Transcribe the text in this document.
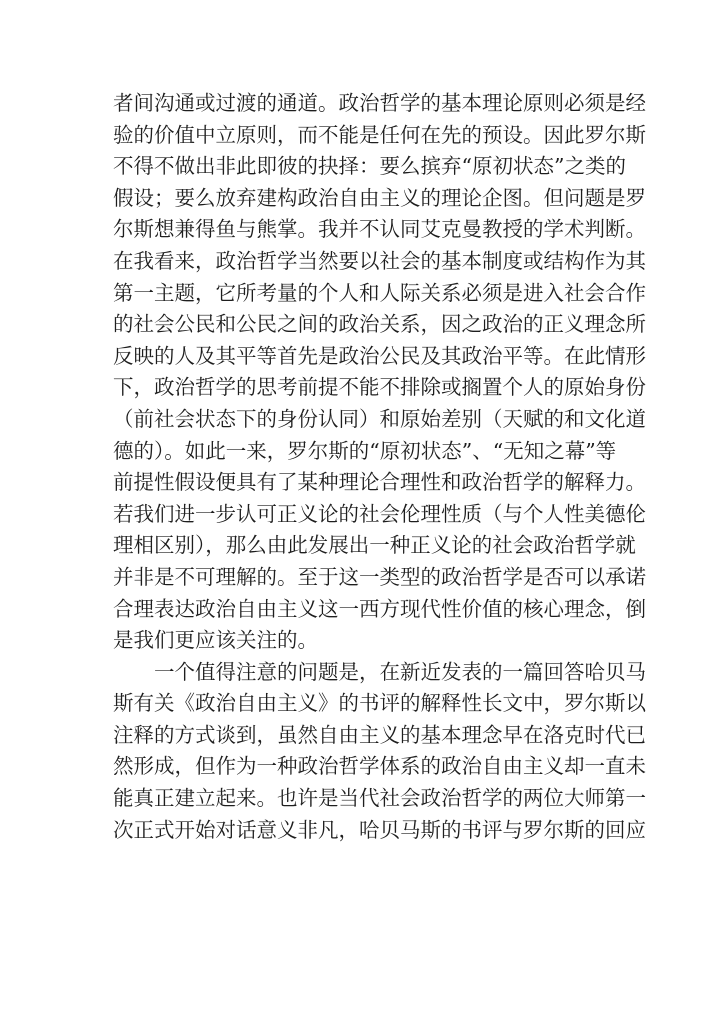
者间沟通或过渡的通道。政治哲学的基本理论原则必须是经
验的价值中立原则，而不能是任何在先的预设。因此罗尔斯
不得不做出非此即彼的抉择：要么摈弃“原初状态”之类的
假设；要么放弃建构政治自由主义的理论企图。但问题是罗
尔斯想兼得鱼与熊掌。我并不认同艾克曼教授的学术判断。
在我看来，政治哲学当然要以社会的基本制度或结构作为其
第一主题，它所考量的个人和人际关系必须是进入社会合作
的社会公民和公民之间的政治关系，因之政治的正义理念所
反映的人及其平等首先是政治公民及其政治平等。在此情形
下，政治哲学的思考前提不能不排除或搁置个人的原始身份
（前社会状态下的身份认同）和原始差别（天赋的和文化道
德的）。如此一来，罗尔斯的“原初状态”、“无知之幕”等
前提性假设便具有了某种理论合理性和政治哲学的解释力。
若我们进一步认可正义论的社会伦理性质（与个人性美德伦
理相区别），那么由此发展出一种正义论的社会政治哲学就
并非是不可理解的。至于这一类型的政治哲学是否可以承诺
合理表达政治自由主义这一西方现代性价值的核心理念，倒
是我们更应该关注的。
一个值得注意的问题是，在新近发表的一篇回答哈贝马
斯有关《政治自由主义》的书评的解释性长文中，罗尔斯以
注释的方式谈到，虽然自由主义的基本理念早在洛克时代已
然形成，但作为一种政治哲学体系的政治自由主义却一直未
能真正建立起来。也许是当代社会政治哲学的两位大师第一
次正式开始对话意义非凡，哈贝马斯的书评与罗尔斯的回应
